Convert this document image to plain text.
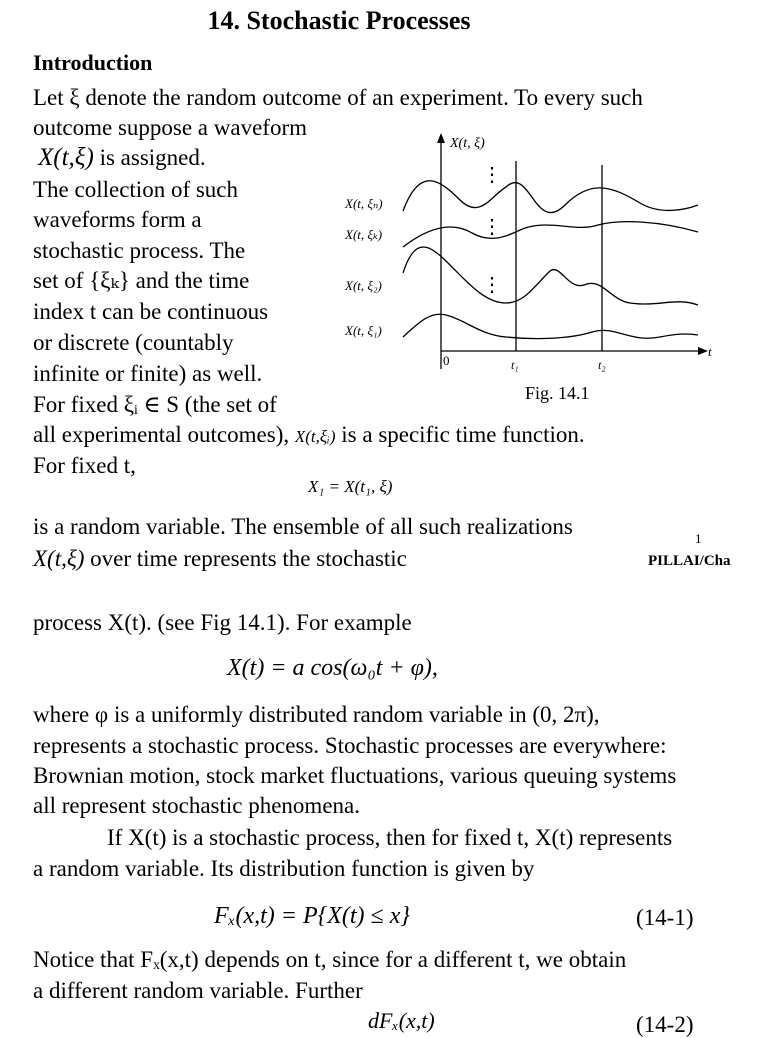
14. Stochastic Processes
Introduction
Let ξ denote the random outcome of an experiment. To every such
outcome suppose a waveform
X(t,ξ) is assigned.
The collection of such
waveforms form a
stochastic process. The
set of {ξₖ} and the time
index t can be continuous
or discrete (countably
infinite or finite) as well.
For fixed ξᵢ ∈ S (the set of
all experimental outcomes), X(t,ξᵢ) is a specific time function.
For fixed t,
X₁ = X(t₁, ξ)
is a random variable. The ensemble of all such realizations	1
X(t,ξ) over time represents the stochastic	PILLAI/Cha
process X(t). (see Fig 14.1). For example
X(t) = a cos(ω₀t + φ),
where φ is a uniformly distributed random variable in (0, 2π),
represents a stochastic process. Stochastic processes are everywhere:
Brownian motion, stock market fluctuations, various queuing systems
all represent stochastic phenomena.
If X(t) is a stochastic process, then for fixed t, X(t) represents
a random variable. Its distribution function is given by
Fₓ(x,t) = P{X(t) ≤ x}	(14-1)
Notice that Fₓ(x,t) depends on t, since for a different t, we obtain
a different random variable. Further
dFₓ(x,t)	(14-2)
X(t, ξ)
t
0	t₁	t₂
X(t, ξₙ)
X(t, ξₖ)
X(t, ξ₂)
X(t, ξ₁)
⋮
⋮
⋮
Fig. 14.1
